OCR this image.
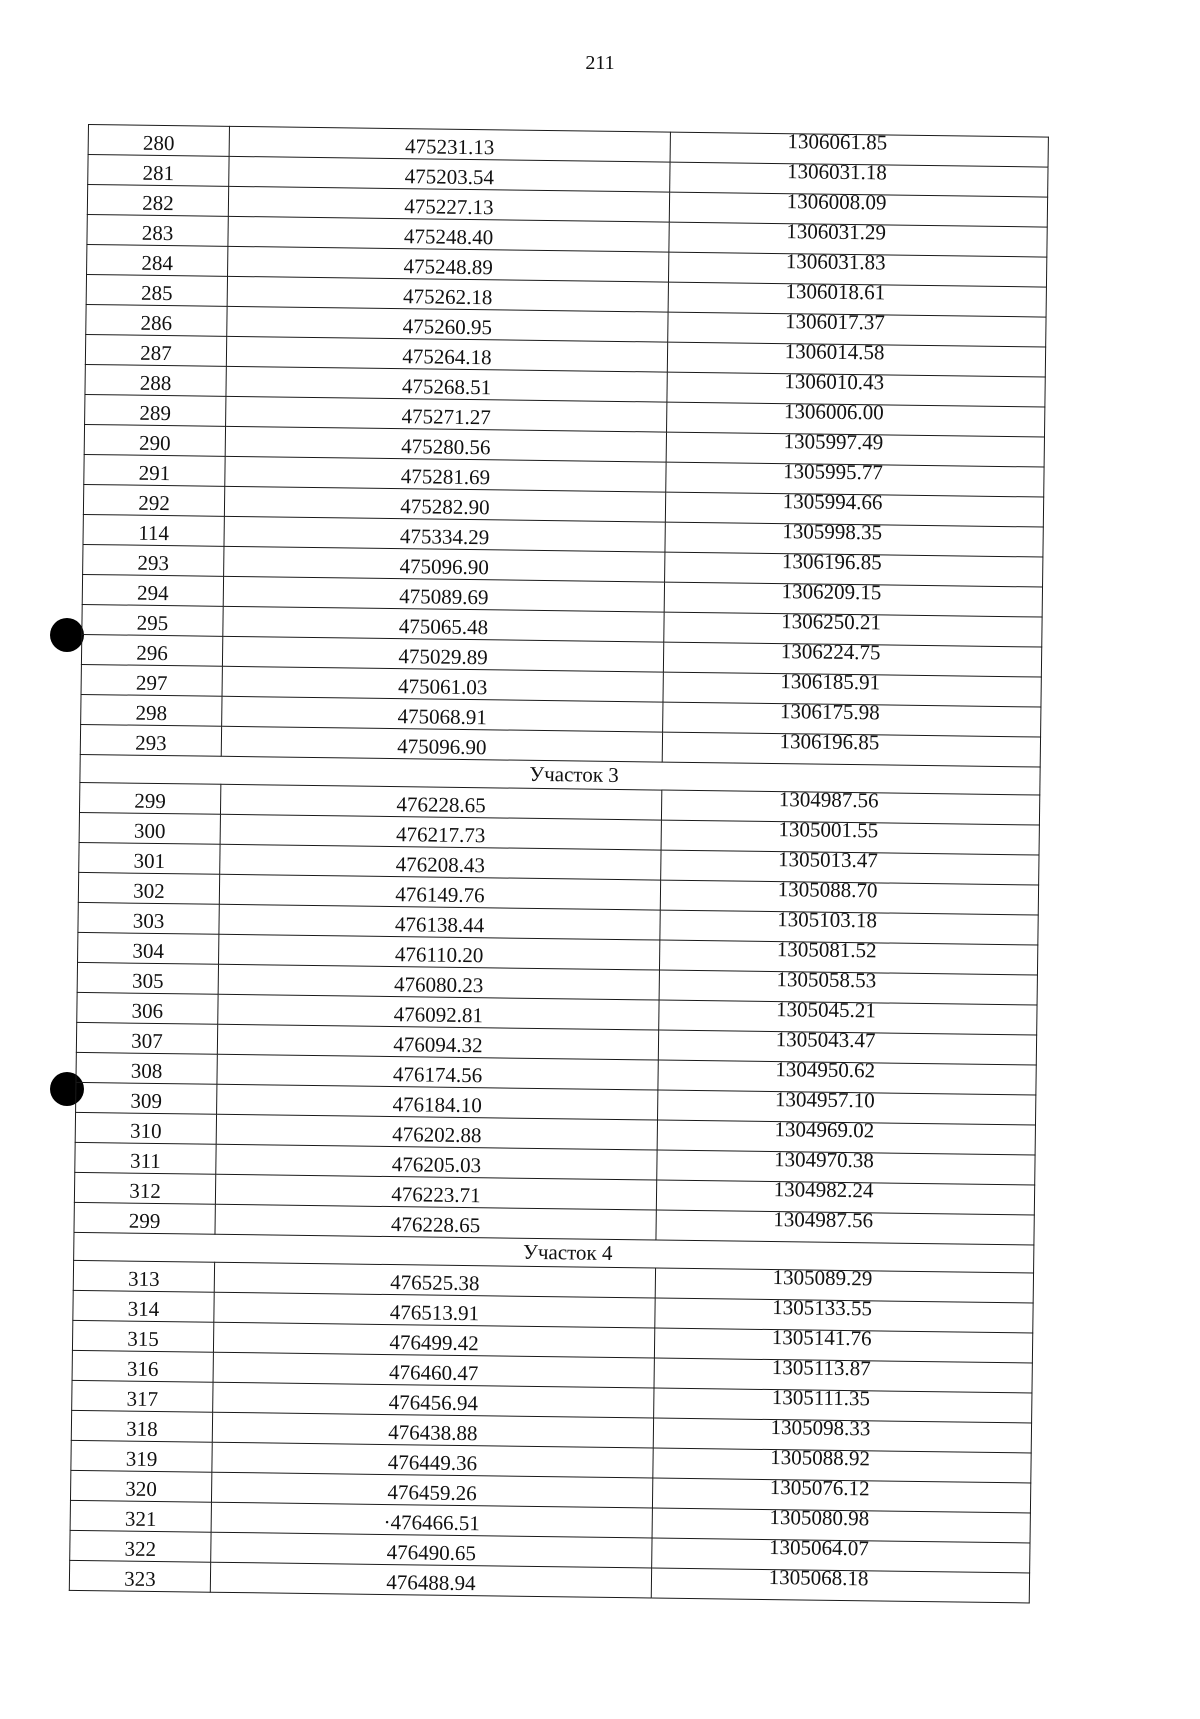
211
280	475231.13	1306061.85
281	475203.54	1306031.18
282	475227.13	1306008.09
283	475248.40	1306031.29
284	475248.89	1306031.83
285	475262.18	1306018.61
286	475260.95	1306017.37
287	475264.18	1306014.58
288	475268.51	1306010.43
289	475271.27	1306006.00
290	475280.56	1305997.49
291	475281.69	1305995.77
292	475282.90	1305994.66
114	475334.29	1305998.35
293	475096.90	1306196.85
294	475089.69	1306209.15
295	475065.48	1306250.21
296	475029.89	1306224.75
297	475061.03	1306185.91
298	475068.91	1306175.98
293	475096.90	1306196.85
Участок 3		
299	476228.65	1304987.56
300	476217.73	1305001.55
301	476208.43	1305013.47
302	476149.76	1305088.70
303	476138.44	1305103.18
304	476110.20	1305081.52
305	476080.23	1305058.53
306	476092.81	1305045.21
307	476094.32	1305043.47
308	476174.56	1304950.62
309	476184.10	1304957.10
310	476202.88	1304969.02
311	476205.03	1304970.38
312	476223.71	1304982.24
299	476228.65	1304987.56
Участок 4		
313	476525.38	1305089.29
314	476513.91	1305133.55
315	476499.42	1305141.76
316	476460.47	1305113.87
317	476456.94	1305111.35
318	476438.88	1305098.33
319	476449.36	1305088.92
320	476459.26	1305076.12
321	·476466.51	1305080.98
322	476490.65	1305064.07
323	476488.94	1305068.18
